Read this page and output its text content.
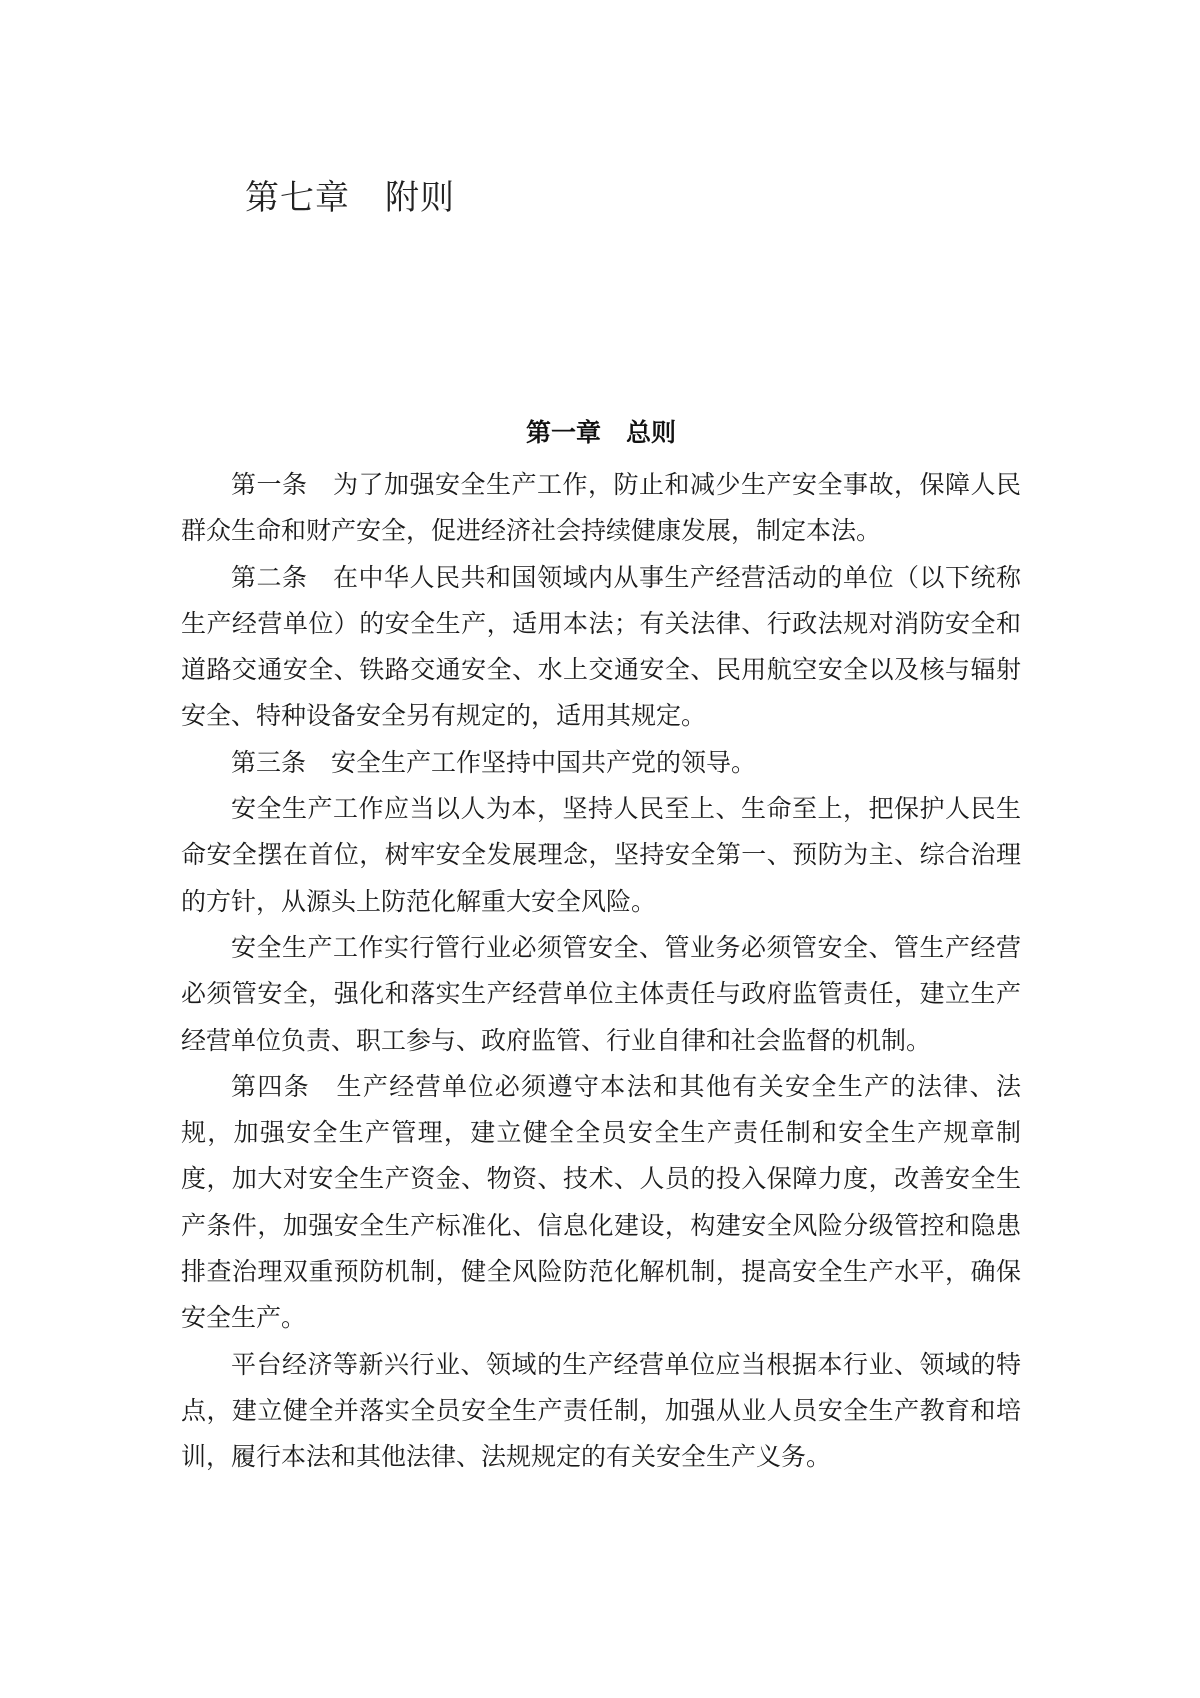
第七章　附则
第一章　总则

第一条　为了加强安全生产工作，防止和减少生产安全事故，保障人民群众生命和财产安全，促进经济社会持续健康发展，制定本法。

第二条　在中华人民共和国领域内从事生产经营活动的单位（以下统称生产经营单位）的安全生产，适用本法；有关法律、行政法规对消防安全和道路交通安全、铁路交通安全、水上交通安全、民用航空安全以及核与辐射安全、特种设备安全另有规定的，适用其规定。

第三条　安全生产工作坚持中国共产党的领导。

安全生产工作应当以人为本，坚持人民至上、生命至上，把保护人民生命安全摆在首位，树牢安全发展理念，坚持安全第一、预防为主、综合治理的方针，从源头上防范化解重大安全风险。

安全生产工作实行管行业必须管安全、管业务必须管安全、管生产经营必须管安全，强化和落实生产经营单位主体责任与政府监管责任，建立生产经营单位负责、职工参与、政府监管、行业自律和社会监督的机制。

第四条　生产经营单位必须遵守本法和其他有关安全生产的法律、法规，加强安全生产管理，建立健全全员安全生产责任制和安全生产规章制度，加大对安全生产资金、物资、技术、人员的投入保障力度，改善安全生产条件，加强安全生产标准化、信息化建设，构建安全风险分级管控和隐患排查治理双重预防机制，健全风险防范化解机制，提高安全生产水平，确保安全生产。

平台经济等新兴行业、领域的生产经营单位应当根据本行业、领域的特点，建立健全并落实全员安全生产责任制，加强从业人员安全生产教育和培训，履行本法和其他法律、法规规定的有关安全生产义务。
